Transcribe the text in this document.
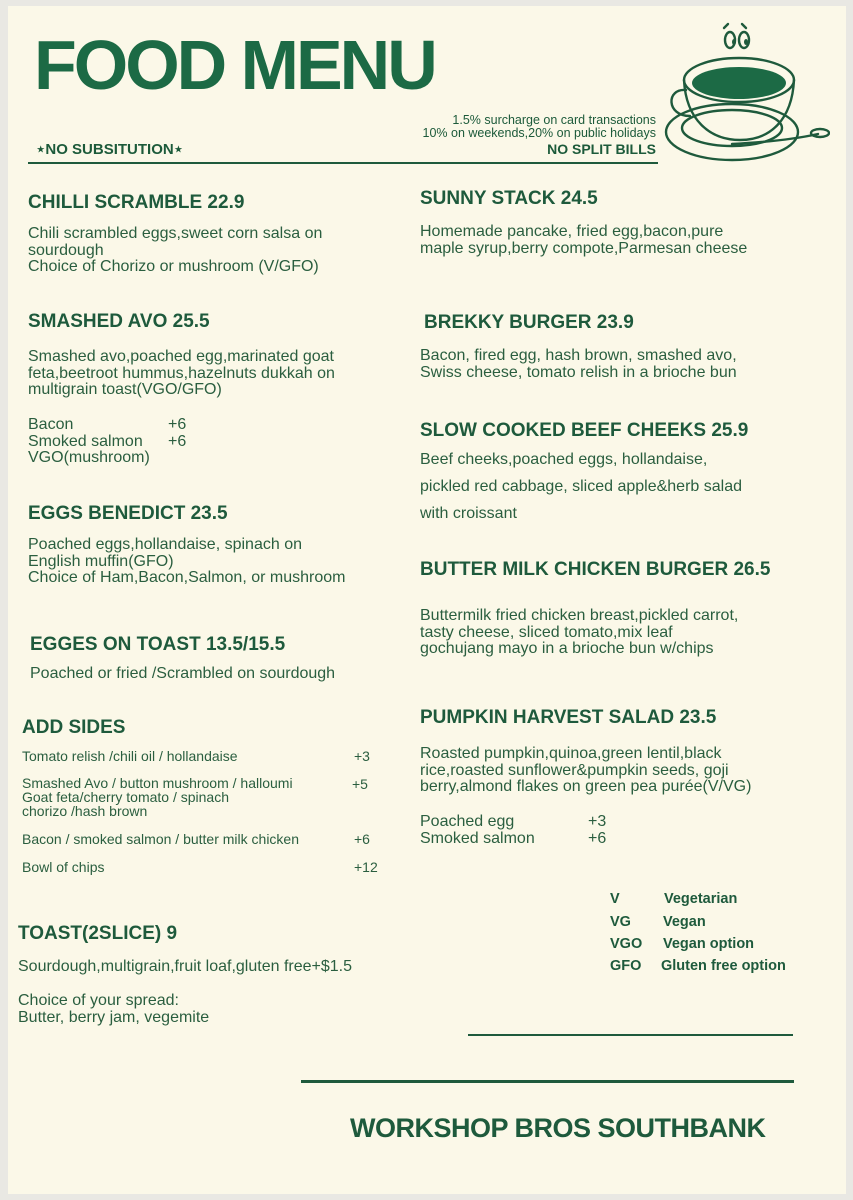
FOOD MENU
1.5% surcharge on card transactions
10% on weekends,20% on public holidays
⋆NO SUBSITUTION⋆	NO SPLIT BILLS
CHILLI SCRAMBLE 22.9
Chili scrambled eggs,sweet corn salsa on
sourdough
Choice of Chorizo or mushroom (V/GFO)
SMASHED AVO 25.5
Smashed avo,poached egg,marinated goat
feta,beetroot hummus,hazelnuts dukkah on
multigrain toast(VGO/GFO)
Bacon	+6
Smoked salmon +6
VGO(mushroom)
EGGS BENEDICT 23.5
Poached eggs,hollandaise, spinach on
English muffin(GFO)
Choice of Ham,Bacon,Salmon, or mushroom
EGGES ON TOAST 13.5/15.5
Poached or fried /Scrambled on sourdough
ADD SIDES
Tomato relish /chili oil / hollandaise	+3
Smashed Avo / button mushroom / halloumi
Goat feta/cherry tomato / spinach
chorizo /hash brown
+5
Bacon / smoked salmon / butter milk chicken	+6
Bowl of chips	+12
TOAST(2SLICE) 9
Sourdough,multigrain,fruit loaf,gluten free+$1.5
Choice of your spread:
Butter, berry jam, vegemite
SUNNY STACK 24.5
Homemade pancake, fried egg,bacon,pure
maple syrup,berry compote,Parmesan cheese
BREKKY BURGER 23.9
Bacon, fired egg, hash brown, smashed avo,
Swiss cheese, tomato relish in a brioche bun
SLOW COOKED BEEF CHEEKS 25.9
Beef cheeks,poached eggs, hollandaise,
pickled red cabbage, sliced apple&herb salad
with croissant
BUTTER MILK CHICKEN BURGER 26.5
Buttermilk fried chicken breast,pickled carrot,
tasty cheese, sliced tomato,mix leaf
gochujang mayo in a brioche bun w/chips
PUMPKIN HARVEST SALAD 23.5
Roasted pumpkin,quinoa,green lentil,black
rice,roasted sunflower&pumpkin seeds, goji
berry,almond flakes on green pea purée(V/VG)
Poached egg	+3
Smoked salmon	+6
V	Vegetarian
VG Vegan
VGO Vegan option
GFO Gluten free option
WORKSHOP BROS SOUTHBANK
